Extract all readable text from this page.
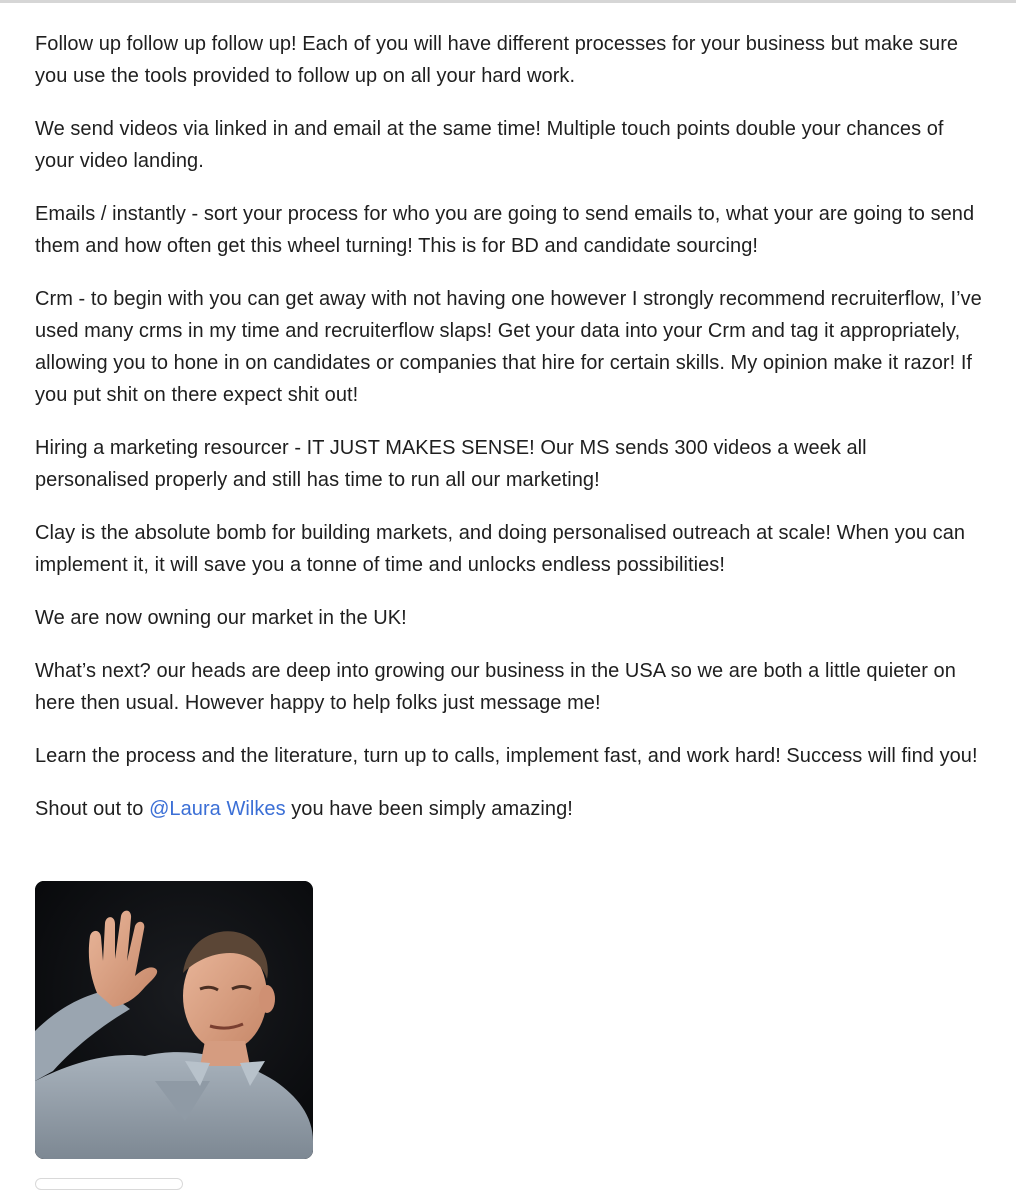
Follow up follow up follow up! Each of you will have different processes for your business but make sure you use the tools provided to follow up on all your hard work.

We send videos via linked in and email at the same time! Multiple touch points double your chances of your video landing.

Emails / instantly - sort your process for who you are going to send emails to, what your are going to send them and how often get this wheel turning! This is for BD and candidate sourcing!

Crm - to begin with you can get away with not having one however I strongly recommend recruiterflow, I’ve used many crms in my time and recruiterflow slaps! Get your data into your Crm and tag it appropriately, allowing you to hone in on candidates or companies that hire for certain skills. My opinion make it razor! If you put shit on there expect shit out!

Hiring a marketing resourcer - IT JUST MAKES SENSE! Our MS sends 300 videos a week all personalised properly and still has time to run all our marketing!

Clay is the absolute bomb for building markets, and doing personalised outreach at scale! When you can implement it, it will save you a tonne of time and unlocks endless possibilities!

We are now owning our market in the UK!

What’s next? our heads are deep into growing our business in the USA so we are both a little quieter on here then usual. However happy to help folks just message me!

Learn the process and the literature, turn up to calls, implement fast, and work hard! Success will find you!

Shout out to @Laura Wilkes you have been simply amazing!
